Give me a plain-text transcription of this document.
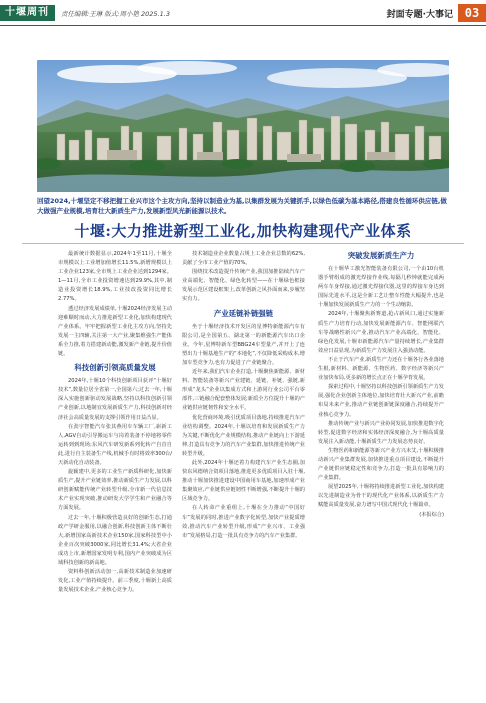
十堰周刊	责任编辑:王琳 版式:周小艳 2025.1.3	封面专题·大事记 03
回望2024,十堰坚定不移把握工业兴市这个主攻方向,坚持以制造业为基,以集群发展为关键抓手,以绿色低碳为基本路径,搭建良性循环供应链,做大做强产业规模,培育壮大新质生产力,发展新型风光新能源以技术。
十堰:大力推进新型工业化,加快构建现代产业体系

最新统计数据显示,2024年1至11月,十堰全市规模以上工业增加值增长11.5%,新增规模以上工业企业123家,全市规上工业企业达到1294家。1—11月,全市工业投资增速达到29.9%,其中,制造业投资增长18.9%,工业技改投资同比增长2.77%。

透过经济发展成绩单,十堰2024经济发展主动迎难顺时而动,大力推进新型工业化,加快构建现代产业体系。牢牢把握新型工业化主攻方向,坚持先发展一主四辅,关注第一大产业,聚集维强生产能体系全力推,着力搭建新动能,激发新产业链,提升价值链。

科技创新引领高质量发展

2024年,十堰10个科技创新项目获评“十堰好技术”,数量位居全省第一,全国第六;过去一年,十堰深入实施创新驱动发展战略,坚持以科技创新引领产业创新,以地制宜发展新质生产力,科技创新对经济社会高质量发展的支撑引领作用日益凸显。

在劲宇智能汽车张其燕用车车辆工厂,崭新工人,AGV自动引导搬运车与岗着装备不停地将零件运转到到现场;东风汽车研发新系列化转产自首自此,进行自主装备生产线,机械手有时将效率300台/天新动化自动装备。

旋颖建中,更多的工业生产新质科研化,加快新质生产,提升产业链效率,推动新质生产力发展,以科研创新赋能传统产业转型升级,全市新一代信息技术产业实现突破,推动研发大学学生和产业融合等方面发展。

过去一年,十堰积极营造良好的创新生态,打通政产学研金服用,以融合创新,科技创新主体不断壮大,新增国家高新技术企业150家,国家科技型中小企业百次突破3000家,同比增长31.4%;大省企业成功上市,新增国家发明专利,国内产业突破成为区域科技创新的新高地。

资料科创新活动加一,高新技术制造业加速研发化,工业产值持续提升。前三季度,十堰新上高质量发展技术企业,产业核心竞争力。

技术制造业企业数量占规上工业企业总数的62%,贡献了全市工业产值的70%。

围绕技术改造提升传统产业,我国加推陆续汽车产业高端化、智能化、绿色化转型——在十堰绿色框接发展示范区建设框架上,改革创新之风扑面而来,步履坚实有力。

产业延链补链强链

坐于十堰经济技术开发区的星博特新能源汽车有限公司,是全国第五、湖北第一的新能源汽车出口企业。今年,星博特新车型BBG24车型量产,并开上了连塑出力十堰基地生产的“本地化”,不仅降低采购成本,增加车型竞争力,也有力促进了产业链聚合。

近年来,我们汽车企业打造,十堰聚焦新能源、新材料、智能装备等新兴产业建链、延链、补链、强链,新形成“龙头”企业以集成方式和上游同行业公司平台零部件,三链融合配套整体发展;新质全方位提升十堰的产业链供应链韧性和安全水平。

优化营商环境,吸引优质项目落地,持续推进汽车产业结构调整。2024年,十堰以培育和发展新质生产力为关键,不断优化产业规模结构,推动产业链向上下游延伸,打造具有竞争力的汽车产业集群,加快推进传统产业转型升级。

此外,2024年十堰还着力构建汽车产业生态圈,加快东风德纳合资项目落地,推进更多优质项目入驻十堰,推动十堰加快推进建设中国商用车基地,加速形成产业集聚效应,产业链供应链韧性不断增强,不断提升十堰的区域竞争力。

在人转命产业重组上,十堰在全力推动“中国好车”发展的同时,推进产业数字化转型,加快产业提质增效,推动汽车产业转型升级,形成“产业兴市、工业强市”发展格局,打造一批具有竞争力的汽车产业集群。

突破发展新质生产力

在十堰华工激光智能装备有限公司,一个由10台机器手臂组成的激光焊接作业线,每隔几秒钟就能完成两两车车身焊接,通过激光焊接仪器,这里的焊接车身达到国际先进水平,这是全新工艺让整车性能大幅提升,也是十堰加快发展新质生产力的一个生动缩影。

2024年,十堰聚焦新赛道,抢占新风口,通过实施新质生产力培育行动,加快发展新能源汽车、智能网联汽车等战略性新兴产业,推动汽车产业高端化、智能化、绿色化发展,十堰市新能源汽车产量持续增长,产业集群效应日益显现,为新质生产力发展注入强劲动能。

不止于汽车产业,新质生产力还在十堰各行各业落地生根,新材料、新能源、生物医药、数字经济等新兴产业加快布局,更多新的增长点正在十堰孕育发展。

探索过程中,十堰坚持以科技创新引领新质生产力发展,强化企业创新主体地位,加快培育壮大新兴产业,前瞻布局未来产业,推动产业链创新链深度融合,持续提升产业核心竞争力。

推动传统产业与新兴产业协同发展,加快推进数字化转型,促进数字经济和实体经济深度融合,为十堰高质量发展注入新动能,十堰新质生产力发展态势良好。

生物医药和新能源等新兴产业方兴未艾,十堰积极推动新兴产业集群发展,加快推进重点项目建设,不断提升产业链供应链稳定性和竞争力,打造一批具有影响力的产业集群。

展望2025年,十堰将持续推进新型工业化,加快构建以先进制造业为骨干的现代化产业体系,以新质生产力赋能高质量发展,奋力谱写中国式现代化十堰篇章。

(本报综合)
